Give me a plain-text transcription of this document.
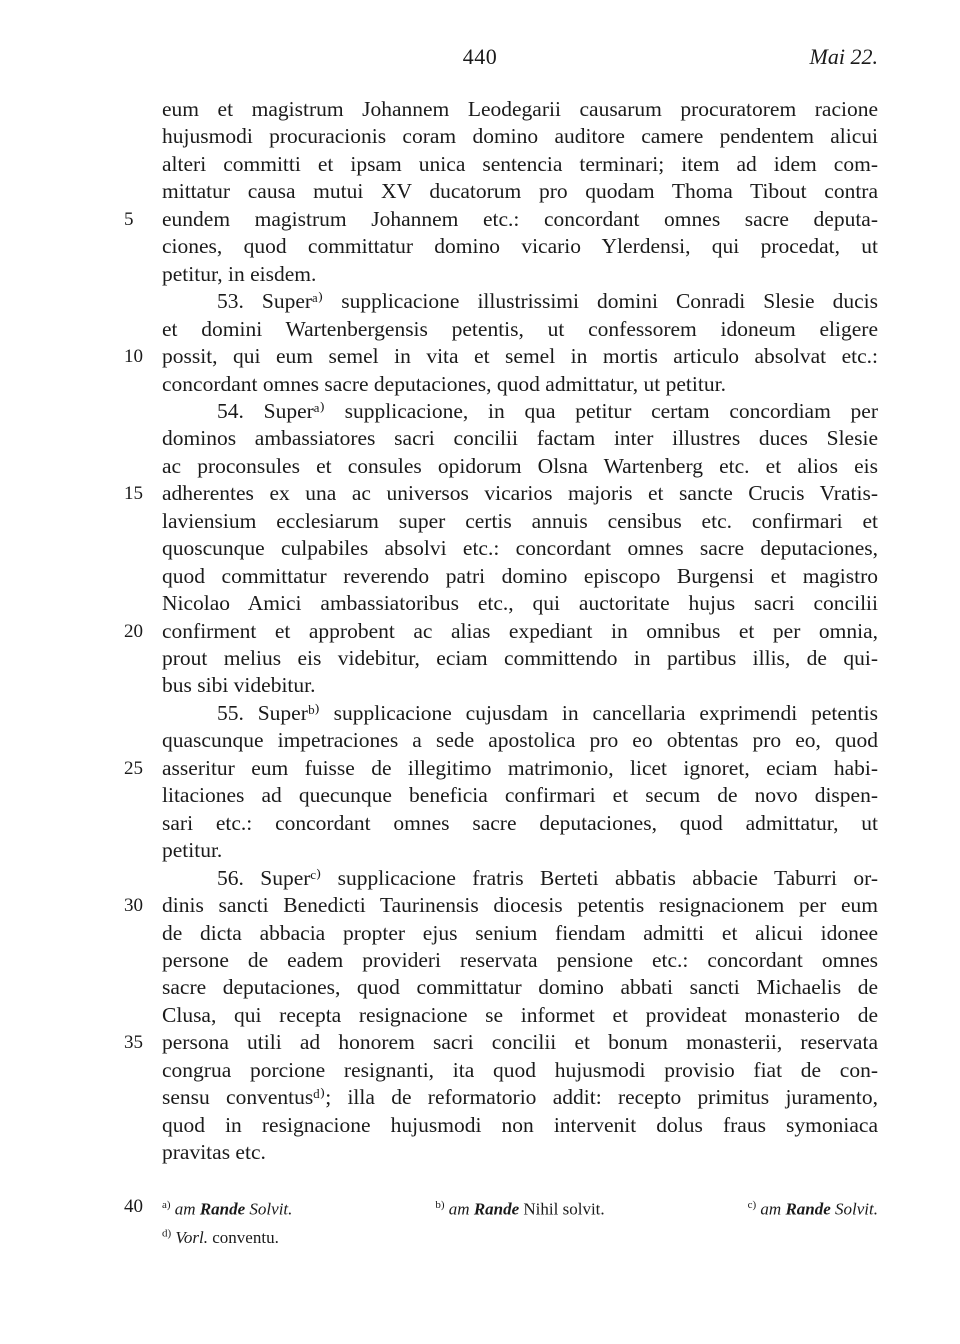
440	Mai 22.
eum et magistrum Johannem Leodegarii causarum procuratorem racione
hujusmodi procuracionis coram domino auditore camere pendentem alicui
alteri committi et ipsam unica sentencia terminari; item ad idem com-
mittatur causa mutui XV ducatorum pro quodam Thoma Tibout contra
eundem magistrum Johannem etc.: concordant omnes sacre deputa-
ciones, quod committatur domino vicario Ylerdensi, qui procedat, ut
petitur, in eisdem.
53. Superᵃ⁾ supplicacione illustrissimi domini Conradi Slesie ducis
et domini Wartenbergensis petentis, ut confessorem idoneum eligere
possit, qui eum semel in vita et semel in mortis articulo absolvat etc.:
concordant omnes sacre deputaciones, quod admittatur, ut petitur.
54. Superᵃ⁾ supplicacione, in qua petitur certam concordiam per
dominos ambassiatores sacri concilii factam inter illustres duces Slesie
ac proconsules et consules opidorum Olsna Wartenberg etc. et alios eis
adherentes ex una ac universos vicarios majoris et sancte Crucis Vratis-
laviensium ecclesiarum super certis annuis censibus etc. confirmari et
quoscunque culpabiles absolvi etc.: concordant omnes sacre deputaciones,
quod committatur reverendo patri domino episcopo Burgensi et magistro
Nicolao Amici ambassiatoribus etc., qui auctoritate hujus sacri concilii
confirment et approbent ac alias expediant in omnibus et per omnia,
prout melius eis videbitur, eciam committendo in partibus illis, de qui-
bus sibi videbitur.
55. Superᵇ⁾ supplicacione cujusdam in cancellaria exprimendi petentis
quascunque impetraciones a sede apostolica pro eo obtentas pro eo, quod
asseritur eum fuisse de illegitimo matrimonio, licet ignoret, eciam habi-
litaciones ad quecunque beneficia confirmari et secum de novo dispen-
sari etc.: concordant omnes sacre deputaciones, quod admittatur, ut
petitur.
56. Superᶜ⁾ supplicacione fratris Berteti abbatis abbacie Taburri or-
dinis sancti Benedicti Taurinensis diocesis petentis resignacionem per eum
de dicta abbacia propter ejus senium fiendam admitti et alicui idonee
persone de eadem provideri reservata pensione etc.: concordant omnes
sacre deputaciones, quod committatur domino abbati sancti Michaelis de
Clusa, qui recepta resignacione se informet et provideat monasterio de
persona utili ad honorem sacri concilii et bonum monasterii, reservata
congrua porcione resignanti, ita quod hujusmodi provisio fiat de con-
sensu conventusᵈ⁾; illa de reformatorio addit: recepto primitus juramento,
quod in resignacione hujusmodi non intervenit dolus fraus symoniaca
pravitas etc.
5
10
15
20
25
30
35
40	$^{a)}$ am Rande Solvit.	$^{b)}$ am Rande Nihil solvit.	$^{c)}$ am Rande Solvit.
$^{d)}$ Vorl. conventu.
